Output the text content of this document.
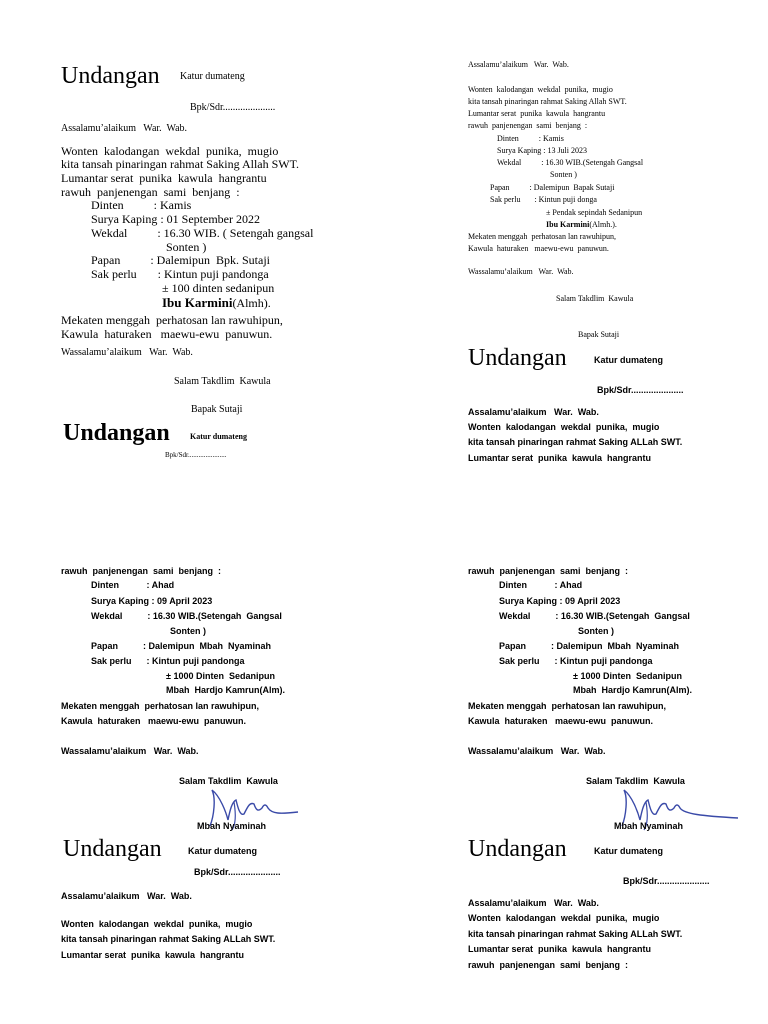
Undangan Katur dumateng
Bpk/Sdr.....................
Assalamu’alaikum   War.  Wab.
Wonten  kalodangan  wekdal  punika,  mugio
kita tansah pinaringan rahmat Saking Allah SWT.
Lumantar serat  punika  kawula  hangrantu
rawuh  panjenengan  sami  benjang  :
Dinten          : Kamis
Surya Kaping : 01 September 2022
Wekdal          : 16.30 WIB. ( Setengah gangsal
Sonten )
Papan          : Dalemipun  Bpk. Sutaji
Sak perlu       : Kintun puji pandonga
± 100 dinten sedanipun
Ibu Karmini(Almh).
Mekaten menggah  perhatosan lan rawuhipun,
Kawula  haturaken   maewu-ewu  panuwun.
Wassalamu’alaikum   War.  Wab.
Salam Takdlim  Kawula
Bapak Sutaji
Undangan	Katur dumateng
Bpk/Sdr......................
Assalamu’alaikum   War.  Wab.
Wonten  kalodangan  wekdal  punika,  mugio
kita tansah pinaringan rahmat Saking Allah SWT.
Lumantar serat  punika  kawula  hangrantu
rawuh  panjenengan  sami  benjang  :
Dinten          : Kamis
Surya Kaping : 13 Juli 2023
Wekdal          : 16.30 WIB.(Setengah Gangsal
Sonten )
Papan          : Dalemipun  Bapak Sutaji
Sak perlu       : Kintun puji donga
± Pendak sepindah Sedanipun
Ibu Karmini(Almh.).
Mekaten menggah  perhatosan lan rawuhipun,
Kawula  haturaken   maewu-ewu  panuwun.
Wassalamu’alaikum   War.  Wab.
Salam Takdlim  Kawula
Bapak Sutaji
Undangan	Katur dumateng
Bpk/Sdr.....................
Assalamu’alaikum   War.  Wab.
Wonten  kalodangan  wekdal  punika,  mugio
kita tansah pinaringan rahmat Saking ALLah SWT.
Lumantar serat  punika  kawula  hangrantu
rawuh  panjenengan  sami  benjang  :
Dinten           : Ahad
Surya Kaping : 09 April 2023
Wekdal          : 16.30 WIB.(Setengah  Gangsal
Sonten )
Papan          : Dalemipun  Mbah  Nyaminah
Sak perlu      : Kintun puji pandonga
± 1000 Dinten  Sedanipun
Mbah  Hardjo Kamrun(Alm).
Mekaten menggah  perhatosan lan rawuhipun,
Kawula  haturaken   maewu-ewu  panuwun.
Wassalamu’alaikum   War.  Wab.
Salam Takdlim  Kawula
Mbah Nyaminah
rawuh  panjenengan  sami  benjang  :
Dinten           : Ahad
Surya Kaping : 09 April 2023
Wekdal          : 16.30 WIB.(Setengah  Gangsal
Sonten )
Papan          : Dalemipun  Mbah  Nyaminah
Sak perlu      : Kintun puji pandonga
± 1000 Dinten  Sedanipun
Mbah  Hardjo Kamrun(Alm).
Mekaten menggah  perhatosan lan rawuhipun,
Kawula  haturaken   maewu-ewu  panuwun.
Wassalamu’alaikum   War.  Wab.
Salam Takdlim  Kawula
Mbah Nyaminah
Undangan	Katur dumateng
Bpk/Sdr.....................
Assalamu’alaikum   War.  Wab.
Wonten  kalodangan  wekdal  punika,  mugio
kita tansah pinaringan rahmat Saking ALLah SWT.
Lumantar serat  punika  kawula  hangrantu
Undangan	Katur dumateng
Bpk/Sdr.....................
Assalamu’alaikum   War.  Wab.
Wonten  kalodangan  wekdal  punika,  mugio
kita tansah pinaringan rahmat Saking ALLah SWT.
Lumantar serat  punika  kawula  hangrantu
rawuh  panjenengan  sami  benjang  :
